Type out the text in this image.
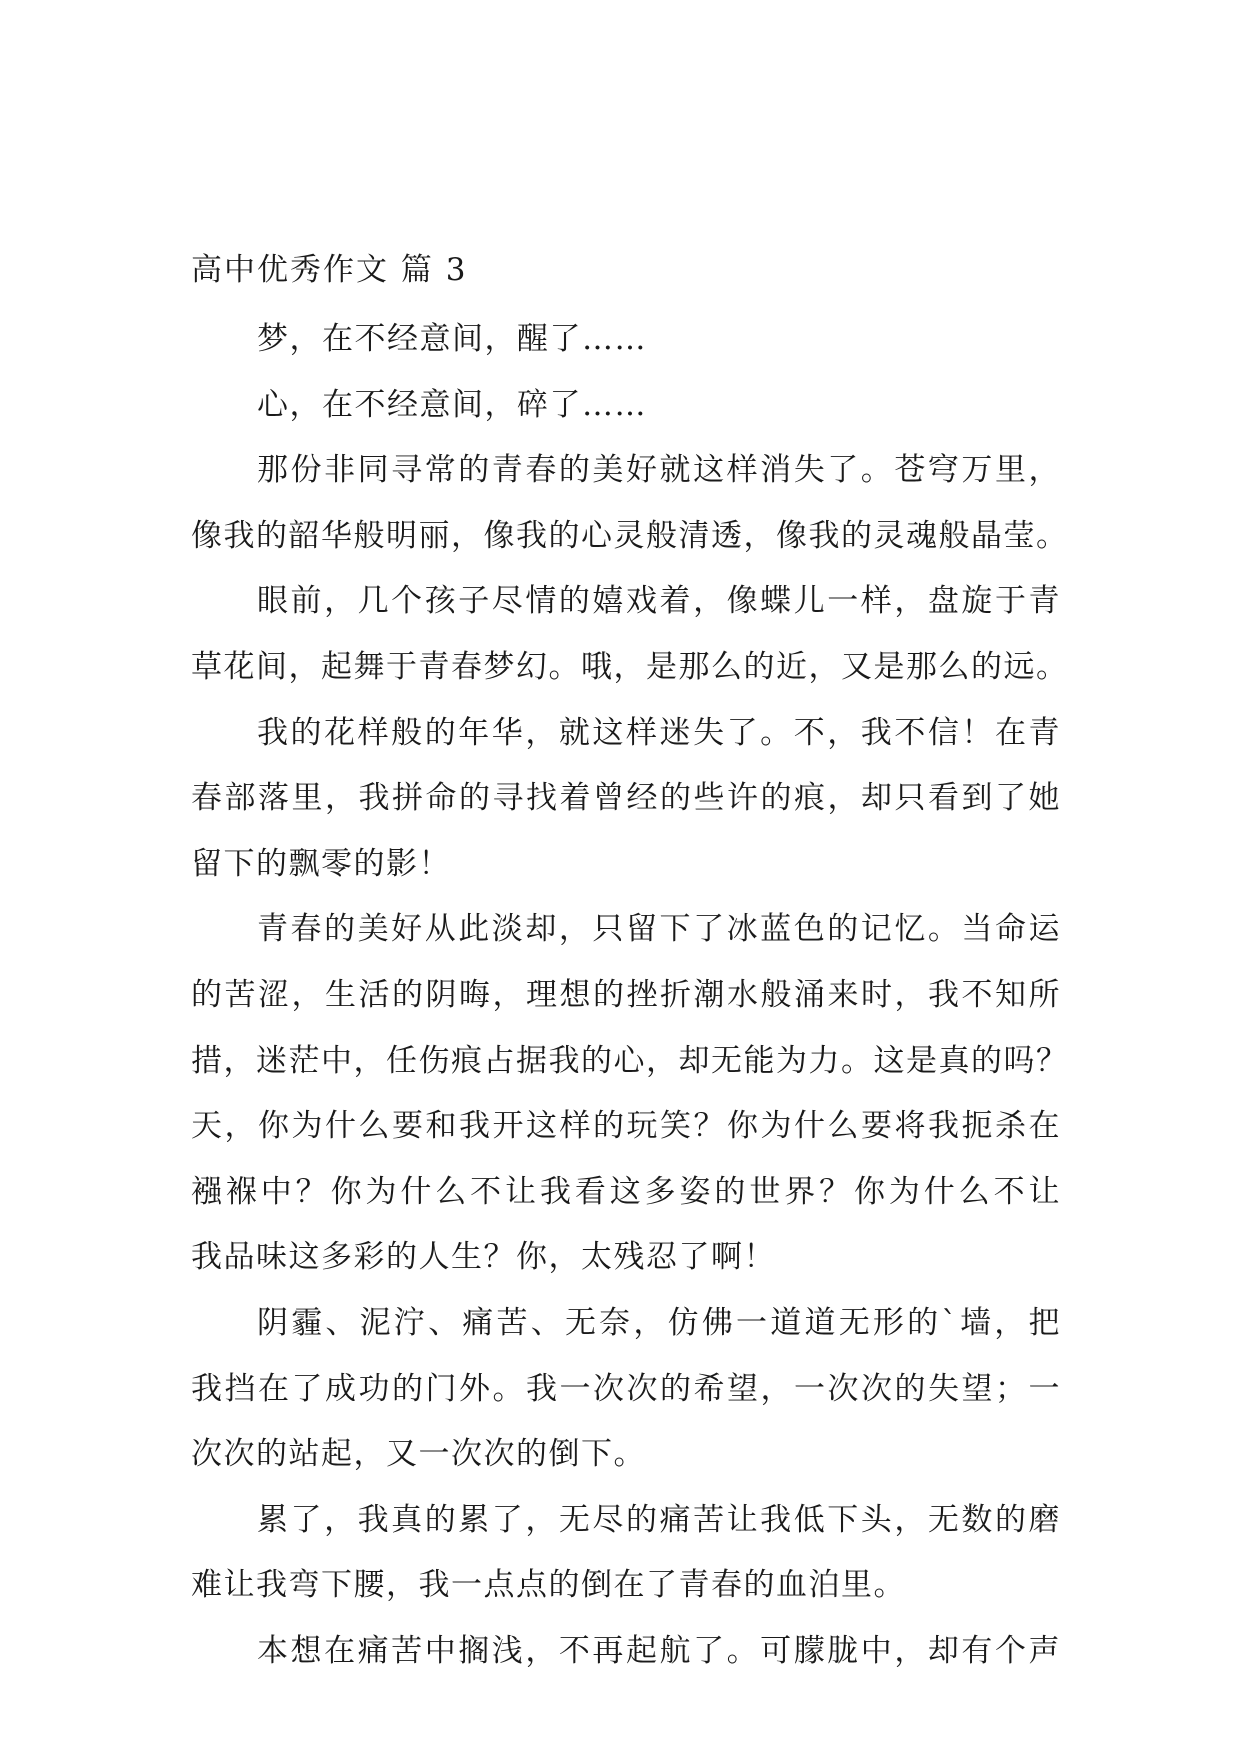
高中优秀作文 篇 3
梦，在不经意间，醒了……
心，在不经意间，碎了……
那份非同寻常的青春的美好就这样消失了。苍穹万里，
像我的韶华般明丽，像我的心灵般清透，像我的灵魂般晶莹。
眼前，几个孩子尽情的嬉戏着，像蝶儿一样，盘旋于青
草花间，起舞于青春梦幻。哦，是那么的近，又是那么的远。
我的花样般的年华，就这样迷失了。不，我不信！在青
春部落里，我拼命的寻找着曾经的些许的痕，却只看到了她
留下的飘零的影！
青春的美好从此淡却，只留下了冰蓝色的记忆。当命运
的苦涩，生活的阴晦，理想的挫折潮水般涌来时，我不知所
措，迷茫中，任伤痕占据我的心，却无能为力。这是真的吗？
天，你为什么要和我开这样的玩笑？你为什么要将我扼杀在
襁褓中？你为什么不让我看这多姿的世界？你为什么不让
我品味这多彩的人生？你，太残忍了啊！
阴霾、泥泞、痛苦、无奈，仿佛一道道无形的`墙，把
我挡在了成功的门外。我一次次的希望，一次次的失望；一
次次的站起，又一次次的倒下。
累了，我真的累了，无尽的痛苦让我低下头，无数的磨
难让我弯下腰，我一点点的倒在了青春的血泊里。
本想在痛苦中搁浅，不再起航了。可朦胧中，却有个声
